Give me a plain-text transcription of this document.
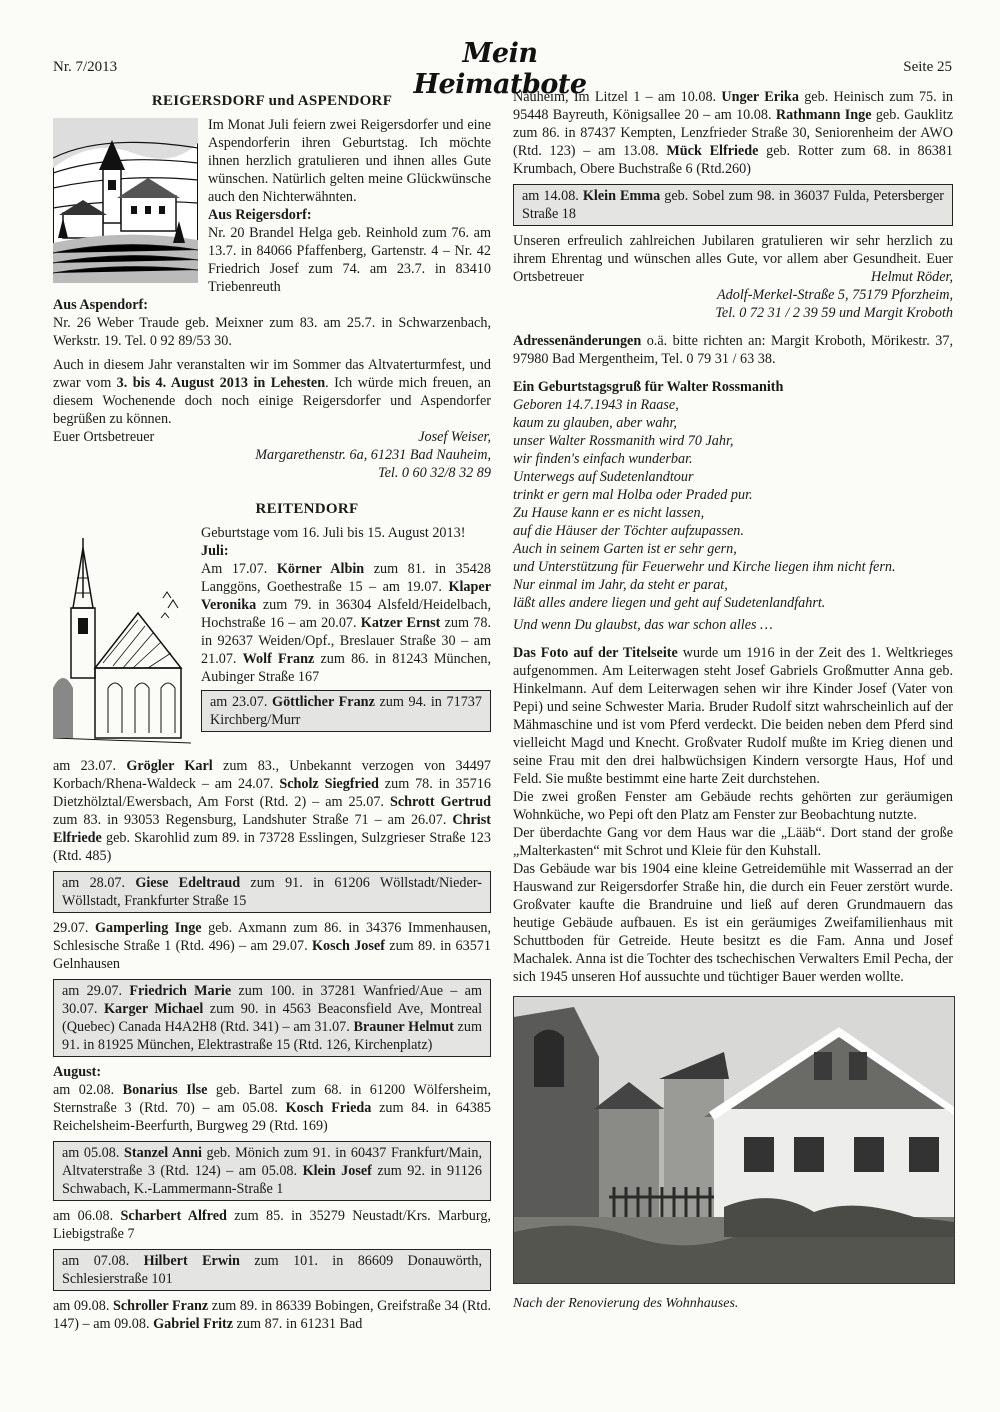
Nr. 7/2013	Mein Heimatbote
Seite 25
REIGERSDORF und ASPENDORF
Im Monat Juli feiern zwei Reigersdorfer und eine Aspendorferin ihren Geburtstag. Ich möchte ihnen herzlich gratulieren und ihnen alles Gute wünschen. Natürlich gelten meine Glückwünsche auch den Nichterwähnten.
Aus Reigersdorf:
Nr. 20 Brandel Helga geb. Reinhold zum 76. am 13.7. in 84066 Pfaffenberg, Gartenstr. 4 – Nr. 42 Friedrich Josef zum 74. am 23.7. in 83410 Triebenreuth
Aus Aspendorf:

Nr. 26 Weber Traude geb. Meixner zum 83. am 25.7. in Schwarzenbach, Werkstr. 19. Tel. 0 92 89/53 30.
Auch in diesem Jahr veranstalten wir im Sommer das Altvaterturmfest, und zwar vom 3. bis 4. August 2013 in Lehesten. Ich würde mich freuen, an diesem Wochenende doch noch einige Reigersdorfer und Aspendorfer begrüßen zu können.
Euer Ortsbetreuer	Josef Weiser,
Margarethenstr. 6a, 61231 Bad Nauheim,
Tel. 0 60 32/8 32 89
REITENDORF
Geburtstage vom 16. Juli bis 15. August 2013!
Juli:
Am 17.07. Körner Albin zum 81. in 35428 Langgöns, Goethestraße 15 – am 19.07. Klaper Veronika zum 79. in 36304 Alsfeld/Heidelbach, Hochstraße 16 – am 20.07. Katzer Ernst zum 78. in 92637 Weiden/Opf., Breslauer Straße 30 – am 21.07. Wolf Franz zum 86. in 81243 München, Aubinger Straße 167
am 23.07. Göttlicher Franz zum 94. in 71737 Kirchberg/Murr
am 23.07. Grögler Karl zum 83., Unbekannt verzogen von 34497 Korbach/Rhena-Waldeck – am 24.07. Scholz Siegfried zum 78. in 35716 Dietzhölztal/Ewersbach, Am Forst (Rtd. 2) – am 25.07. Schrott Gertrud zum 83. in 93053 Regensburg, Landshuter Straße 71 – am 26.07. Christ Elfriede geb. Skarohlid zum 89. in 73728 Esslingen, Sulzgrieser Straße 123 (Rtd. 485)
am 28.07. Giese Edeltraud zum 91. in 61206 Wöllstadt/Nieder-Wöllstadt, Frankfurter Straße 15
29.07. Gamperling Inge geb. Axmann zum 86. in 34376 Immenhausen, Schlesische Straße 1 (Rtd. 496) – am 29.07. Kosch Josef zum 89. in 63571 Gelnhausen
am 29.07. Friedrich Marie zum 100. in 37281 Wanfried/Aue – am 30.07. Karger Michael zum 90. in 4563 Beaconsfield Ave, Montreal (Quebec) Canada H4A2H8 (Rtd. 341) – am 31.07. Brauner Helmut zum 91. in 81925 München, Elektrastraße 15 (Rtd. 126, Kirchenplatz)
August:

am 02.08. Bonarius Ilse geb. Bartel zum 68. in 61200 Wölfersheim, Sternstraße 3 (Rtd. 70) – am 05.08. Kosch Frieda zum 84. in 64385 Reichelsheim-Beerfurth, Burgweg 29 (Rtd. 169)
am 05.08. Stanzel Anni geb. Mönich zum 91. in 60437 Frankfurt/Main, Altvaterstraße 3 (Rtd. 124) – am 05.08. Klein Josef zum 92. in 91126 Schwabach, K.-Lammermann-Straße 1
am 06.08. Scharbert Alfred zum 85. in 35279 Neustadt/Krs. Marburg, Liebigstraße 7
am 07.08. Hilbert Erwin zum 101. in 86609 Donauwörth, Schlesierstraße 101
am 09.08. Schroller Franz zum 89. in 86339 Bobingen, Greifstraße 34 (Rtd. 147) – am 09.08. Gabriel Fritz zum 87. in 61231 Bad
Nauheim, Im Litzel 1 – am 10.08. Unger Erika geb. Heinisch zum 75. in 95448 Bayreuth, Königsallee 20 – am 10.08. Rathmann Inge geb. Gauklitz zum 86. in 87437 Kempten, Lenzfrieder Straße 30, Seniorenheim der AWO (Rtd. 123) – am 13.08. Mück Elfriede geb. Rotter zum 68. in 86381 Krumbach, Obere Buchstraße 6 (Rtd.260)
am 14.08. Klein Emma geb. Sobel zum 98. in 36037 Fulda, Petersberger Straße 18
Unseren erfreulich zahlreichen Jubilaren gratulieren wir sehr herzlich zu ihrem Ehrentag und wünschen alles Gute, vor allem aber Gesundheit. Euer Ortsbetreuer	Helmut Röder,
Adolf-Merkel-Straße 5, 75179 Pforzheim,
Tel. 0 72 31 / 2 39 59 und Margit Kroboth
Adressenänderungen o.ä. bitte richten an: Margit Kroboth, Mörikestr. 37, 97980 Bad Mergentheim, Tel. 0 79 31 / 63 38.
Ein Geburtstagsgruß für Walter Rossmanith
Geboren 14.7.1943 in Raase,
kaum zu glauben, aber wahr,
unser Walter Rossmanith wird 70 Jahr,
wir finden's einfach wunderbar.
Unterwegs auf Sudetenlandtour
trinkt er gern mal Holba oder Praded pur.
Zu Hause kann er es nicht lassen,
auf die Häuser der Töchter aufzupassen.
Auch in seinem Garten ist er sehr gern,
und Unterstützung für Feuerwehr und Kirche liegen ihm nicht fern.
Nur einmal im Jahr, da steht er parat,
läßt alles andere liegen und geht auf Sudetenlandfahrt.
Und wenn Du glaubst, das war schon alles …
Das Foto auf der Titelseite wurde um 1916 in der Zeit des 1. Weltkrieges aufgenommen. Am Leiterwagen steht Josef Gabriels Großmutter Anna geb. Hinkelmann. Auf dem Leiterwagen sehen wir ihre Kinder Josef (Vater von Pepi) und seine Schwester Maria. Bruder Rudolf sitzt wahrscheinlich auf der Mähmaschine und ist vom Pferd verdeckt. Die beiden neben dem Pferd sind vielleicht Magd und Knecht. Großvater Rudolf mußte im Krieg dienen und seine Frau mit den drei halbwüchsigen Kindern versorgte Haus, Hof und Feld. Sie mußte bestimmt eine harte Zeit durchstehen.
Die zwei großen Fenster am Gebäude rechts gehörten zur geräumigen Wohnküche, wo Pepi oft den Platz am Fenster zur Beobachtung nutzte.
Der überdachte Gang vor dem Haus war die „Lääb“. Dort stand der große „Malterkasten“ mit Schrot und Kleie für den Kuhstall.
Das Gebäude war bis 1904 eine kleine Getreidemühle mit Wasserrad an der Hauswand zur Reigersdorfer Straße hin, die durch ein Feuer zerstört wurde. Großvater kaufte die Brandruine und ließ auf deren Grundmauern das heutige Gebäude aufbauen. Es ist ein geräumiges Zweifamilienhaus mit Schuttboden für Getreide. Heute besitzt es die Fam. Anna und Josef Machalek. Anna ist die Tochter des tschechischen Verwalters Emil Pecha, der sich 1945 unseren Hof aussuchte und tüchtiger Bauer werden wollte.
Nach der Renovierung des Wohnhauses.
